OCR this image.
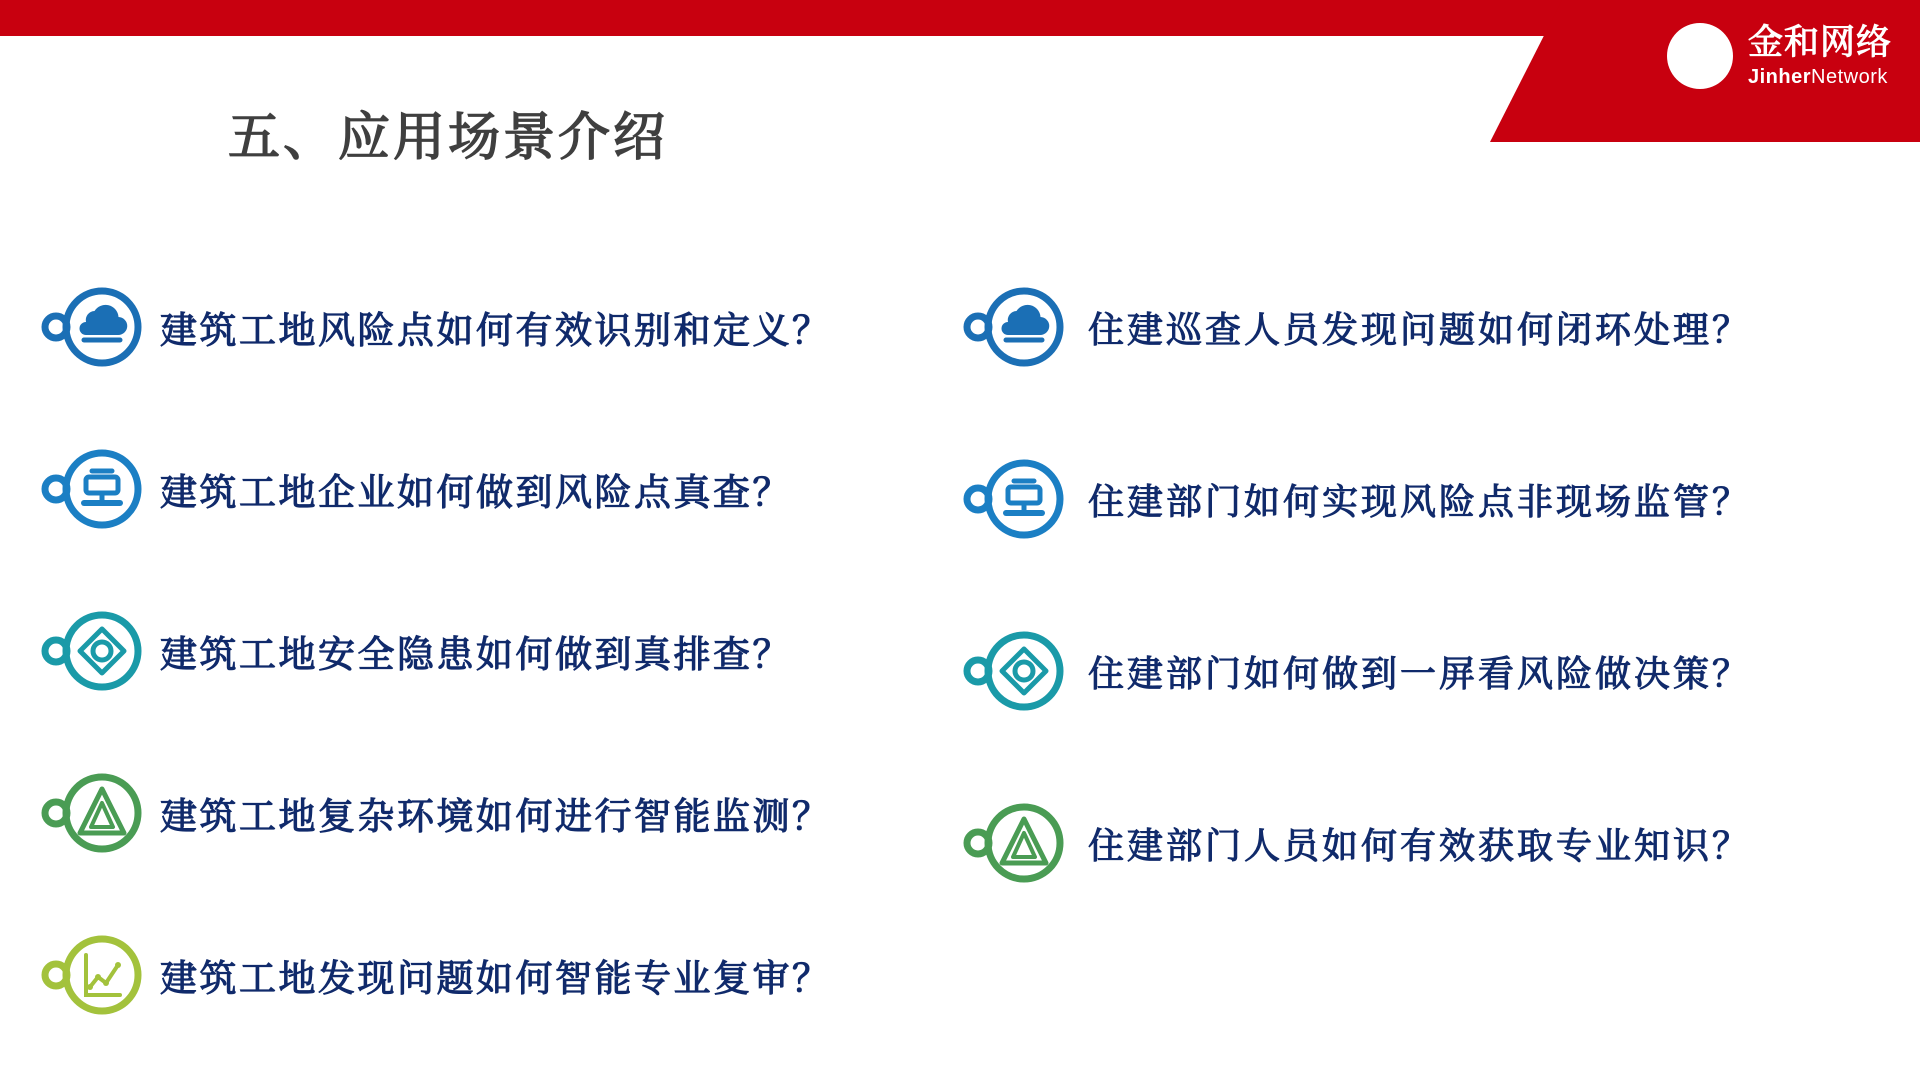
金和网络
JinherNetwork
五、应用场景介绍
建筑工地风险点如何有效识别和定义？
建筑工地企业如何做到风险点真查？
建筑工地安全隐患如何做到真排查？
建筑工地复杂环境如何进行智能监测？
建筑工地发现问题如何智能专业复审？
住建巡查人员发现问题如何闭环处理？
住建部门如何实现风险点非现场监管？
住建部门如何做到一屏看风险做决策？
住建部门人员如何有效获取专业知识？
